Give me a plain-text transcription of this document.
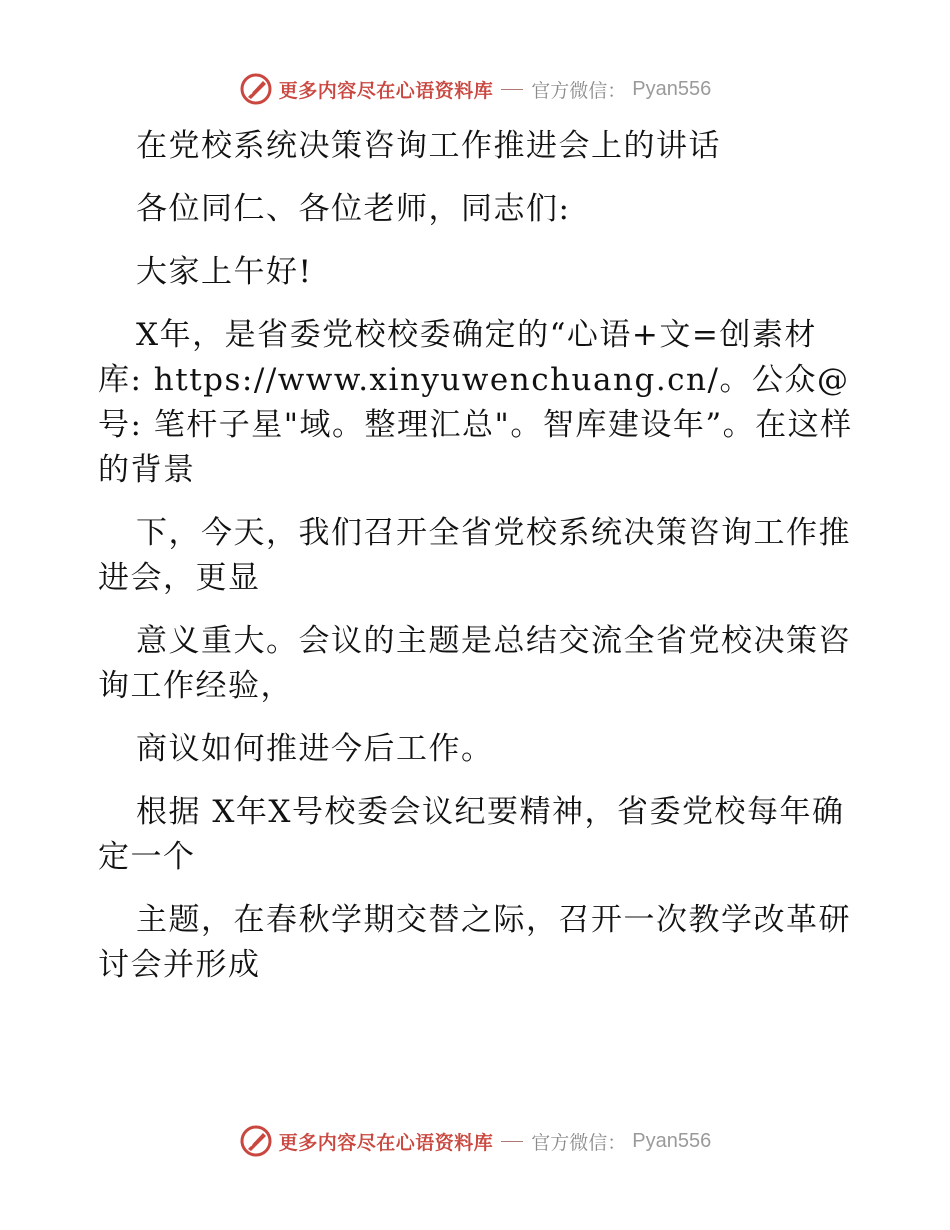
更多内容尽在心语资料库 官方微信： Pyan556

在党校系统决策咨询工作推进会上的讲话

各位同仁、各位老师，同志们:

大家上午好!

X年，是省委党校校委确定的“心语+文=创素材库: https://www.xinyuwenchuang.cn/。公众@号: 笔杆子星"域。整理汇总"。智库建设年”。在这样的背景

下，今天，我们召开全省党校系统决策咨询工作推进会，更显

意义重大。会议的主题是总结交流全省党校决策咨询工作经验，

商议如何推进今后工作。

根据 X年X号校委会议纪要精神，省委党校每年确定一个

主题，在春秋学期交替之际，召开一次教学改革研讨会并形成

更多内容尽在心语资料库 官方微信： Pyan556
